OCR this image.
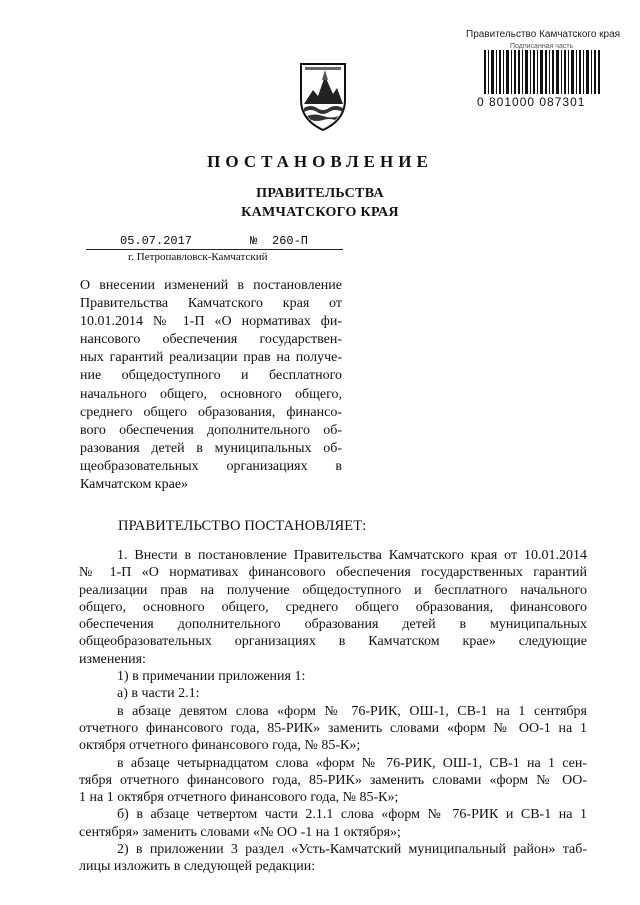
Правительство Камчатского края
Подписанная часть
0 801000 087301
ПОСТАНОВЛЕНИЕ
ПРАВИТЕЛЬСТВА
КАМЧАТСКОГО КРАЯ
05.07.2017	№ 260-П
г. Петропавловск-Камчатский
О внесении изменений в постановление
Правительства Камчатского края от
10.01.2014 № 1-П «О нормативах фи-
нансового обеспечения государствен-
ных гарантий реализации прав на получе-
ние общедоступного и бесплатного
начального общего, основного общего,
среднего общего образования, финансо-
вого обеспечения дополнительного об-
разования детей в муниципальных об-
щеобразовательных организациях в
Камчатском крае»
ПРАВИТЕЛЬСТВО ПОСТАНОВЛЯЕТ:
1. Внести в постановление Правительства Камчатского края от 10.01.2014
№ 1-П «О нормативах финансового обеспечения государственных гарантий
реализации прав на получение общедоступного и бесплатного начального
общего, основного общего, среднего общего образования, финансового
обеспечения дополнительного образования детей в муниципальных
общеобразовательных организациях в Камчатском крае» следующие
изменения:
1) в примечании приложения 1:
а) в части 2.1:
в абзаце девятом слова «форм № 76-РИК, ОШ-1, СВ-1 на 1 сентября
отчетного финансового года, 85-РИК» заменить словами «форм № ОО-1 на 1
октября отчетного финансового года, № 85-К»;
в абзаце четырнадцатом слова «форм № 76-РИК, ОШ-1, СВ-1 на 1 сен-
тября отчетного финансового года, 85-РИК» заменить словами «форм № ОО-
1 на 1 октября отчетного финансового года, № 85-К»;
б) в абзаце четвертом части 2.1.1 слова «форм № 76-РИК и СВ-1 на 1
сентября» заменить словами «№ ОО -1 на 1 октября»;
2) в приложении 3 раздел «Усть-Камчатский муниципальный район» таб-
лицы изложить в следующей редакции:
